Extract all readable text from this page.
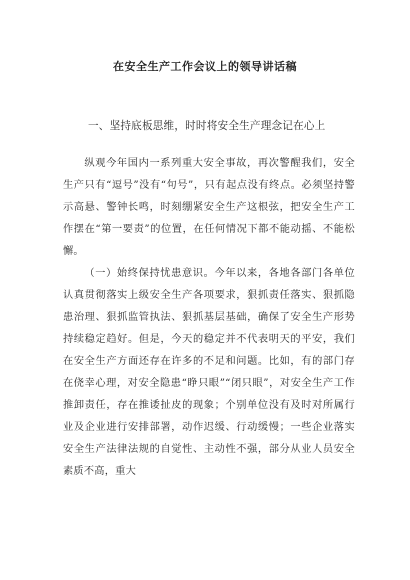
在安全生产工作会议上的领导讲话稿

一、坚持底板思维，时时将安全生产理念记在心上

纵观今年国内一系列重大安全事故，再次警醒我们，安全生产只有“逗号”没有“句号”，只有起点没有终点。必须坚持警示高悬、警钟长鸣，时刻绷紧安全生产这根弦，把安全生产工作摆在“第一要责”的位置，在任何情况下都不能动摇、不能松懈。

（一）始终保持忧患意识。今年以来，各地各部门各单位认真贯彻落实上级安全生产各项要求，狠抓责任落实、狠抓隐患治理、狠抓监管执法、狠抓基层基础，确保了安全生产形势持续稳定趋好。但是，今天的稳定并不代表明天的平安，我们在安全生产方面还存在许多的不足和问题。比如，有的部门存在侥幸心理，对安全隐患“睁只眼”“闭只眼”，对安全生产工作推卸责任，存在推诿扯皮的现象；个别单位没有及时对所属行业及企业进行安排部署，动作迟缓、行动缓慢；一些企业落实安全生产法律法规的自觉性、主动性不强，部分从业人员安全素质不高，重大
